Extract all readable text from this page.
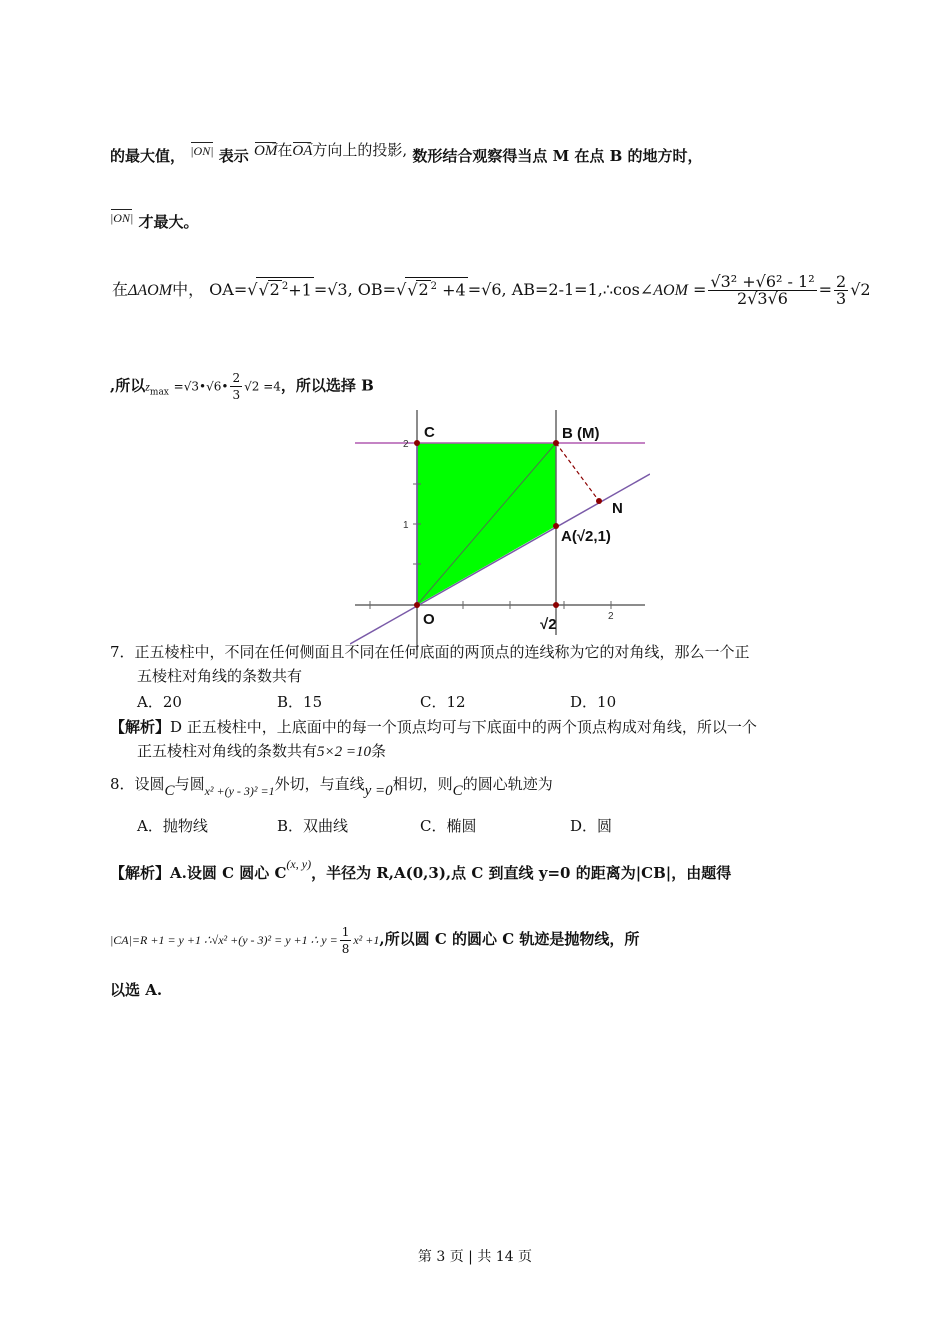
的最大值， |ON| 表示 OM →在OA →方向上的投影, 数形结合观察得当点 M 在点 B 的地方时，
|ON| 才最大。
在ΔAOM中， OA=√√2 $^2$+1 =√3, OB=√√2 $^2$ +4 =√6, AB=2-1=1,∴cos∠AOM = $\frac{\text{√3² +√6² - 1²}}{2√3√6} = \frac{2}{3} √2$
,所以$z_{max}$ =√3•√6• $\frac{2}{3} √2 =4$，所以选择 B
C	B (M)
N
A(√2,1)
O	√2
2
1
2
7．正五棱柱中，不同在任何侧面且不同在任何底面的两顶点的连线称为它的对角线，那么一个正
五棱柱对角线的条数共有
A．20	B．15	C．12	D．10
【解析】D 正五棱柱中，上底面中的每一个顶点均可与下底面中的两个顶点构成对角线，所以一个
正五棱柱对角线的条数共有5×2 =10条
8．设圆C与圆$_{x^2 +(y - 3)^2 =1}$外切，与直线y =0相切，则C的圆心轨迹为
A．抛物线	B．双曲线	C．椭圆	D．圆
【解析】A.设圆 C 圆心 C$^{(x, y)}$，半径为 R,A(0,3),点 C 到直线 y=0 的距离为|CB|，由题得
|CA|=R +1 = y +1 ∴√x² +(y - 3)² = y +1 ∴ $y = \frac{1}{8} x^2 +1$,所以圆 C 的圆心 C 轨迹是抛物线，所
以选 A.
第 3 页 | 共 14 页
